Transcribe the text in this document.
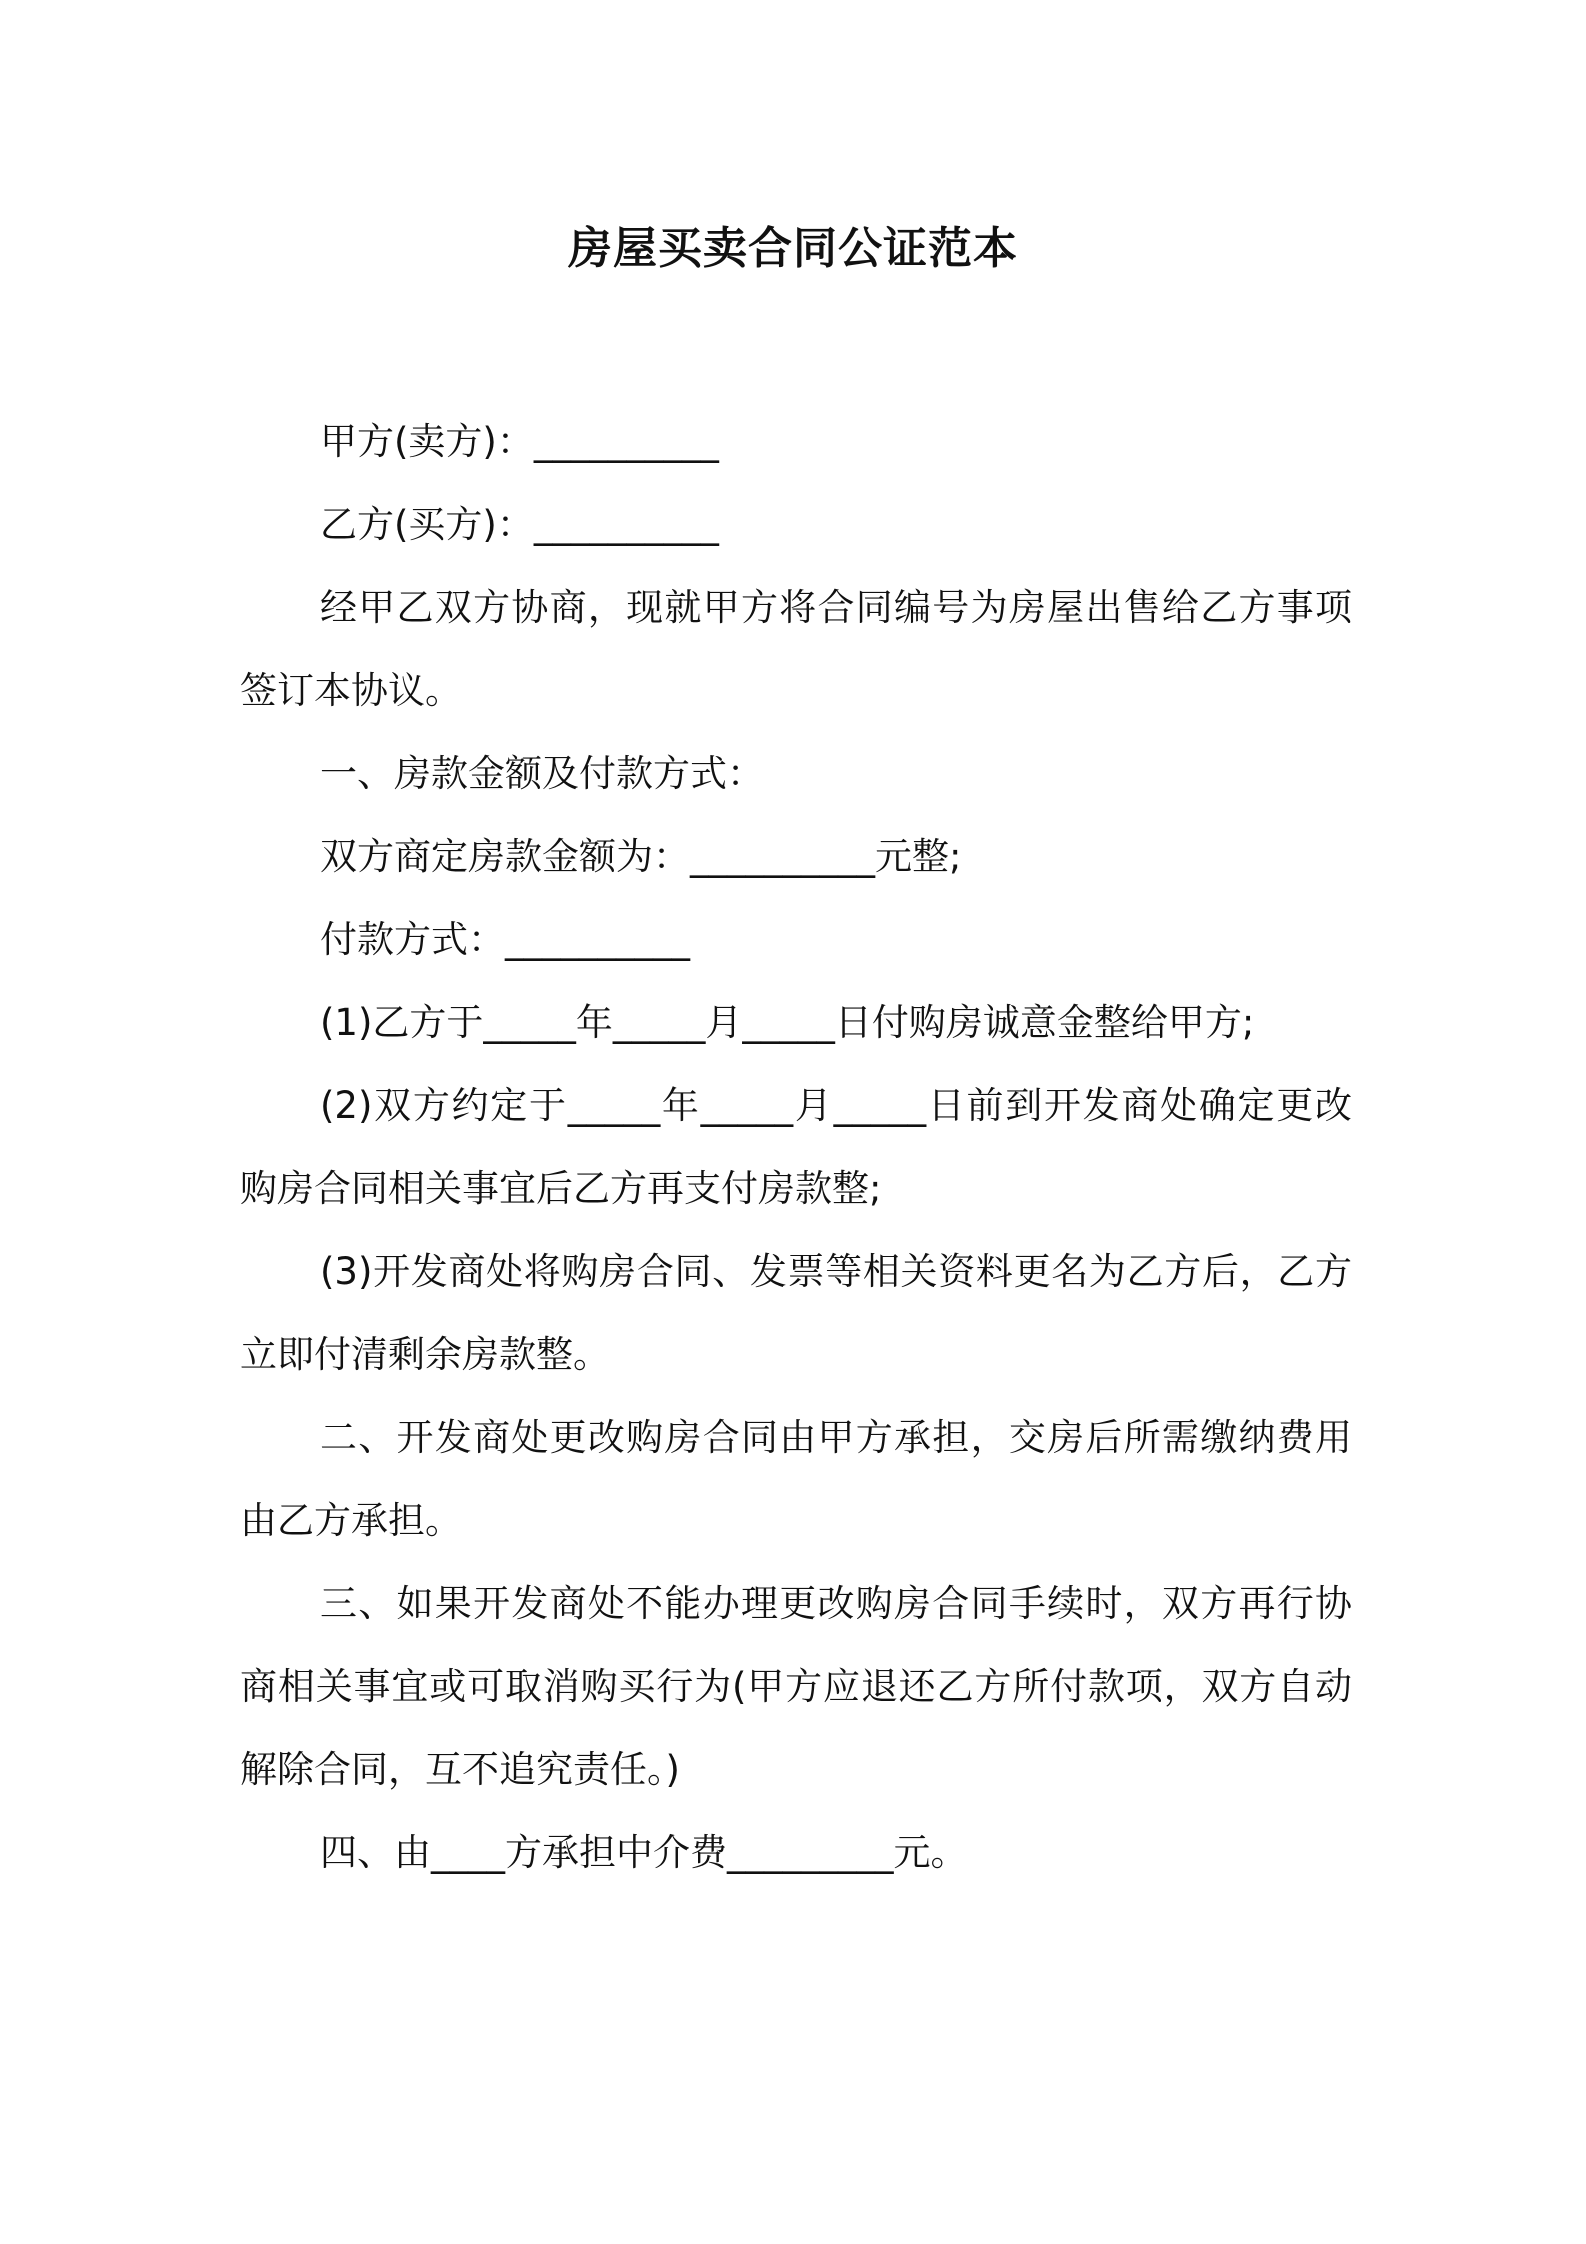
房屋买卖合同公证范本

甲方(卖方)：__________

乙方(买方)：__________

经甲乙双方协商，现就甲方将合同编号为房屋出售给乙方事项签订本协议。

一、房款金额及付款方式：

双方商定房款金额为：__________元整;

付款方式：__________

(1)乙方于_____年_____月_____日付购房诚意金整给甲方;

(2)双方约定于_____年_____月_____日前到开发商处确定更改购房合同相关事宜后乙方再支付房款整;

(3)开发商处将购房合同、发票等相关资料更名为乙方后，乙方立即付清剩余房款整。

二、开发商处更改购房合同由甲方承担，交房后所需缴纳费用由乙方承担。

三、如果开发商处不能办理更改购房合同手续时，双方再行协商相关事宜或可取消购买行为(甲方应退还乙方所付款项，双方自动解除合同，互不追究责任。)

四、由____方承担中介费_________元。
